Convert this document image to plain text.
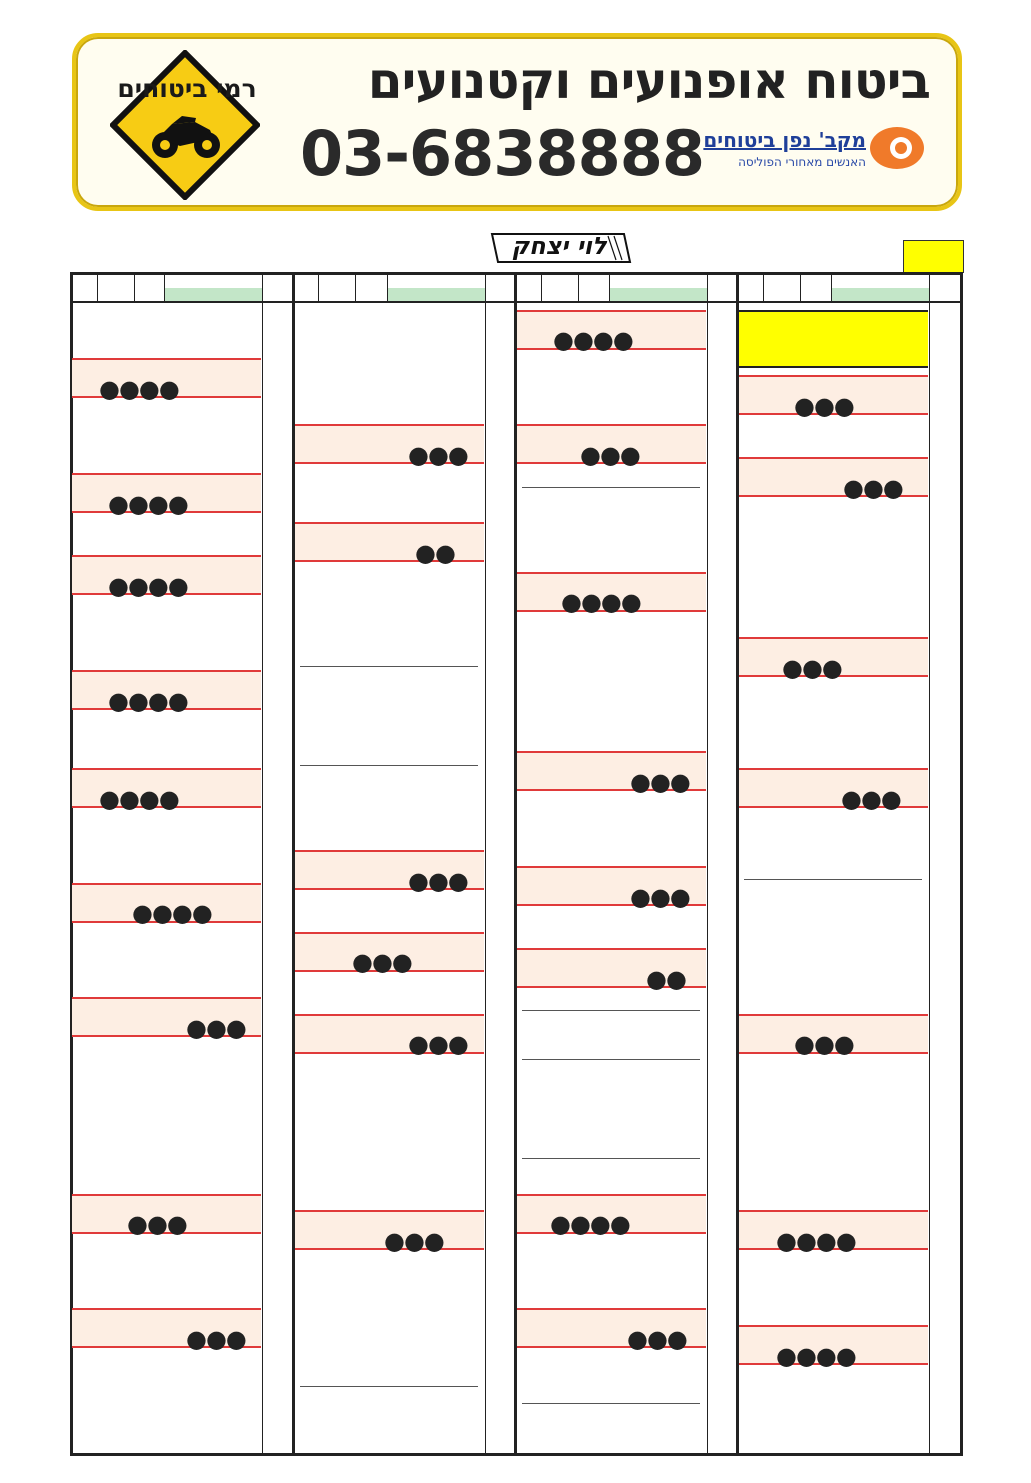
רמי ביטוחים	ביטוח אופנועים וקטנועים
03-6838888 מקב' נפן ביטוחים
האנשים מאחורי הפוליסה
לוי יצחק
●●●●
●●●●
●●●●
●●●●
●●●●
●●●●
●●●
●●●
●●●
●●●
●●
●●●
●●●
●●●
●●●
●●●●
●●●
●●●●
●●●
●●●
●●
●●●●
●●●
●●●
●●●
●●●
●●●
●●●
●●●●
●●●●
